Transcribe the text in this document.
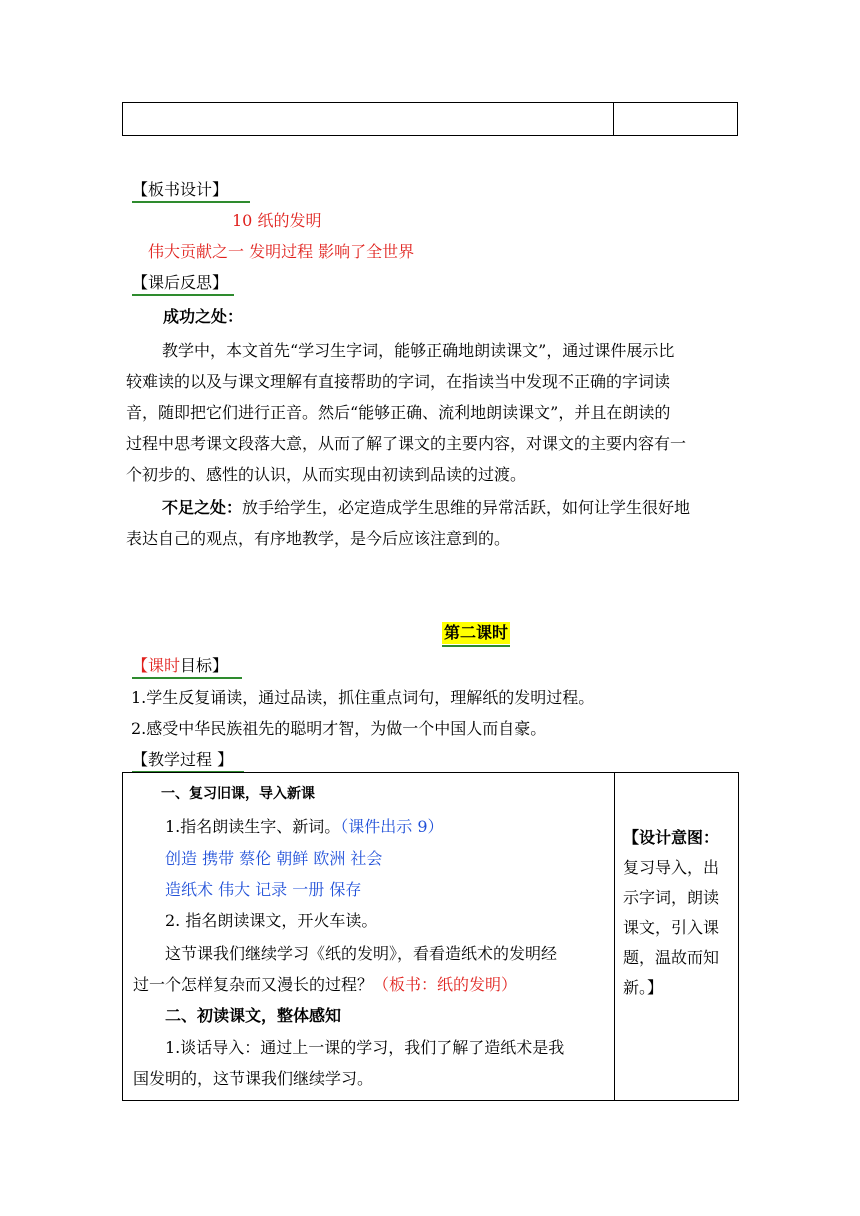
【板书设计】
10 纸的发明
伟大贡献之一 发明过程 影响了全世界
【课后反思】
成功之处：
教学中，本文首先“学习生字词，能够正确地朗读课文”，通过课件展示比
较难读的以及与课文理解有直接帮助的字词，在指读当中发现不正确的字词读
音，随即把它们进行正音。然后“能够正确、流利地朗读课文”，并且在朗读的
过程中思考课文段落大意，从而了解了课文的主要内容，对课文的主要内容有一
个初步的、感性的认识，从而实现由初读到品读的过渡。
不足之处：放手给学生，必定造成学生思维的异常活跃，如何让学生很好地
表达自己的观点，有序地教学，是今后应该注意到的。
第二课时
【课时目标】
1.学生反复诵读，通过品读，抓住重点词句，理解纸的发明过程。
2.感受中华民族祖先的聪明才智，为做一个中国人而自豪。
【教学过程 】
一、复习旧课，导入新课
1.指名朗读生字、新词。（课件出示 9）
创造 携带 蔡伦 朝鲜 欧洲 社会
造纸术 伟大 记录 一册 保存
2. 指名朗读课文，开火车读。
这节课我们继续学习《纸的发明》，看看造纸术的发明经
过一个怎样复杂而又漫长的过程？（板书：纸的发明）
二、初读课文，整体感知
1.谈话导入：通过上一课的学习，我们了解了造纸术是我
国发明的，这节课我们继续学习。
【设计意图：
复习导入，出
示字词，朗读
课文，引入课
题，温故而知
新。】
